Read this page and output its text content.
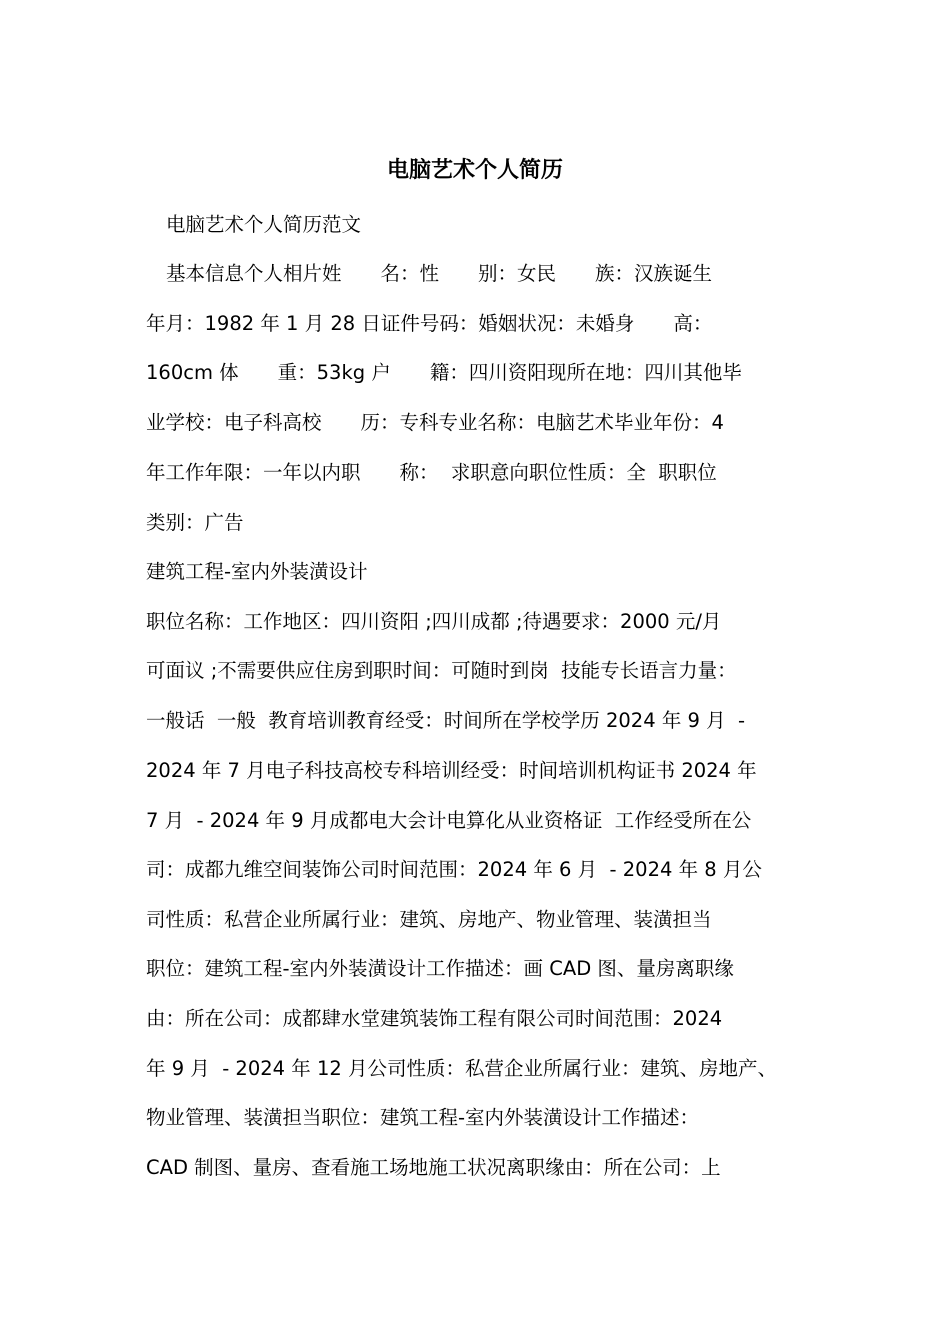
电脑艺术个人简历
电脑艺术个人简历范文
基本信息个人相片姓　　名：性　　别：女民　　族：汉族诞生
年月：1982 年 1 月 28 日证件号码：婚姻状况：未婚身　　高：
160cm 体　　重：53kg 户　　籍：四川资阳现所在地：四川其他毕
业学校：电子科高校　　历：专科专业名称：电脑艺术毕业年份：4
年工作年限：一年以内职　　称：  求职意向职位性质：全  职职位
类别：广告
建筑工程-室内外装潢设计
职位名称：工作地区：四川资阳 ;四川成都 ;待遇要求：2000 元/月
可面议 ;不需要供应住房到职时间：可随时到岗  技能专长语言力量：
一般话  一般  教育培训教育经受：时间所在学校学历 2024 年 9 月  -
2024 年 7 月电子科技高校专科培训经受：时间培训机构证书 2024 年
7 月  - 2024 年 9 月成都电大会计电算化从业资格证  工作经受所在公
司：成都九维空间装饰公司时间范围：2024 年 6 月  - 2024 年 8 月公
司性质：私营企业所属行业：建筑、房地产、物业管理、装潢担当
职位：建筑工程-室内外装潢设计工作描述：画 CAD 图、量房离职缘
由：所在公司：成都肆水堂建筑装饰工程有限公司时间范围：2024
年 9 月  - 2024 年 12 月公司性质：私营企业所属行业：建筑、房地产、
物业管理、装潢担当职位：建筑工程-室内外装潢设计工作描述：
CAD 制图、量房、查看施工场地施工状况离职缘由：所在公司：上
